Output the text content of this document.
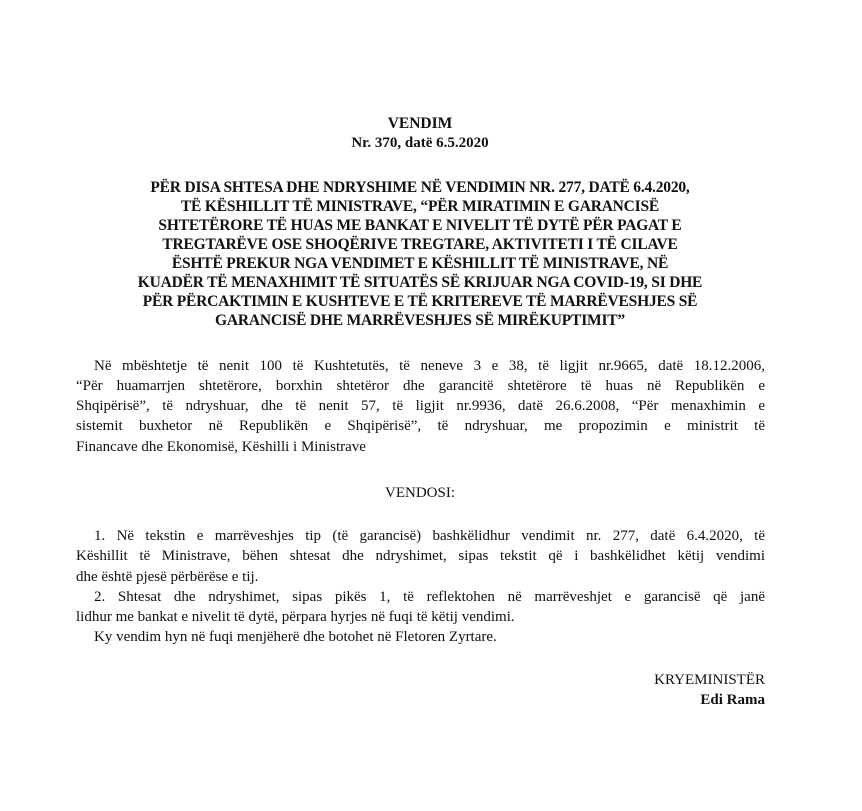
VENDIM
Nr. 370, datë 6.5.2020
PËR DISA SHTESA DHE NDRYSHIME NË VENDIMIN NR. 277, DATË 6.4.2020,
TË KËSHILLIT TË MINISTRAVE, “PËR MIRATIMIN E GARANCISË
SHTETËRORE TË HUAS ME BANKAT E NIVELIT TË DYTË PËR PAGAT E
TREGTARËVE OSE SHOQËRIVE TREGTARE, AKTIVITETI I TË CILAVE
ËSHTË PREKUR NGA VENDIMET E KËSHILLIT TË MINISTRAVE, NË
KUADËR TË MENAXHIMIT TË SITUATËS SË KRIJUAR NGA COVID-19, SI DHE
PËR PËRCAKTIMIN E KUSHTEVE E TË KRITEREVE TË MARRËVESHJES SË
GARANCISË DHE MARRËVESHJES SË MIRËKUPTIMIT”
Në mbështetje të nenit 100 të Kushtetutës, të neneve 3 e 38, të ligjit nr.9665, datë 18.12.2006,
“Për huamarrjen shtetërore, borxhin shtetëror dhe garancitë shtetërore të huas në Republikën e
Shqipërisë”, të ndryshuar, dhe të nenit 57, të ligjit nr.9936, datë 26.6.2008, “Për menaxhimin e
sistemit buxhetor në Republikën e Shqipërisë”, të ndryshuar, me propozimin e ministrit të
Financave dhe Ekonomisë, Këshilli i Ministrave
VENDOSI:
1. Në tekstin e marrëveshjes tip (të garancisë) bashkëlidhur vendimit nr. 277, datë 6.4.2020, të
Këshillit të Ministrave, bëhen shtesat dhe ndryshimet, sipas tekstit që i bashkëlidhet këtij vendimi
dhe është pjesë përbërëse e tij.
2. Shtesat dhe ndryshimet, sipas pikës 1, të reflektohen në marrëveshjet e garancisë që janë
lidhur me bankat e nivelit të dytë, përpara hyrjes në fuqi të këtij vendimi.
Ky vendim hyn në fuqi menjëherë dhe botohet në Fletoren Zyrtare.
KRYEMINISTËR
Edi Rama
